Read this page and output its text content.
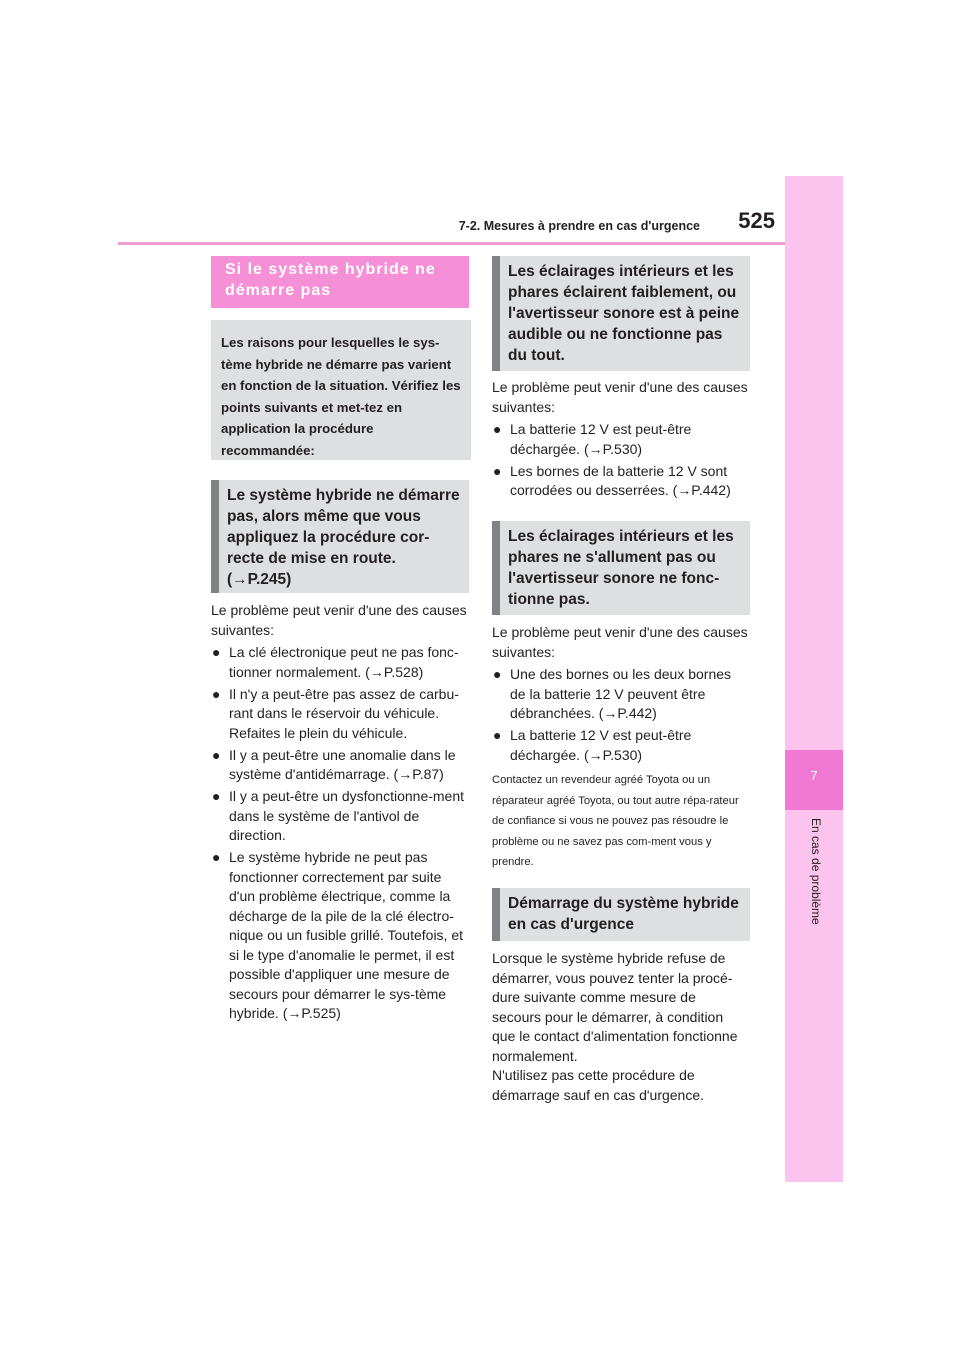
525
7-2. Mesures à prendre en cas d'urgence
7
Si le système hybride ne démarre pas
Les raisons pour lesquelles le sys-tème hybride ne démarre pas varient en fonction de la situation. Vérifiez les points suivants et met-tez en application la procédure recommandée:
Le système hybride ne démarre pas, alors même que vous appliquez la procédure cor-recte de mise en route. (→P.245)
Le problème peut venir d'une des causes suivantes:
● La clé électronique peut ne pas fonc-tionner normalement. (→P.528)
● Il n'y a peut-être pas assez de carbu-rant dans le réservoir du véhicule. Refaites le plein du véhicule.
● Il y a peut-être une anomalie dans le système d'antidémarrage. (→P.87)
● Il y a peut-être un dysfonctionne-ment dans le système de l'antivol de direction.
● Le système hybride ne peut pas fonctionner correctement par suite d'un problème électrique, comme la décharge de la pile de la clé électro-nique ou un fusible grillé. Toutefois, et si le type d'anomalie le permet, il est possible d'appliquer une mesure de secours pour démarrer le sys-tème hybride. (→P.525)
Les éclairages intérieurs et les phares éclairent faiblement, ou l'avertisseur sonore est à peine audible ou ne fonctionne pas du tout.
Le problème peut venir d'une des causes suivantes:
● La batterie 12 V est peut-être déchargée. (→P.530)
● Les bornes de la batterie 12 V sont corrodées ou desserrées. (→P.442)
Les éclairages intérieurs et les phares ne s'allument pas ou l'avertisseur sonore ne fonc-tionne pas.
Le problème peut venir d'une des causes suivantes:
● Une des bornes ou les deux bornes de la batterie 12 V peuvent être débranchées. (→P.442)
● La batterie 12 V est peut-être déchargée. (→P.530)
Contactez un revendeur agréé Toyota ou un réparateur agréé Toyota, ou tout autre répa-rateur de confiance si vous ne pouvez pas résoudre le problème ou ne savez pas com-ment vous y prendre.
Démarrage du système hybride en cas d'urgence
Lorsque le système hybride refuse de démarrer, vous pouvez tenter la procé-dure suivante comme mesure de secours pour le démarrer, à condition que le contact d'alimentation fonctionne normalement.
N'utilisez pas cette procédure de démarrage sauf en cas d'urgence.
